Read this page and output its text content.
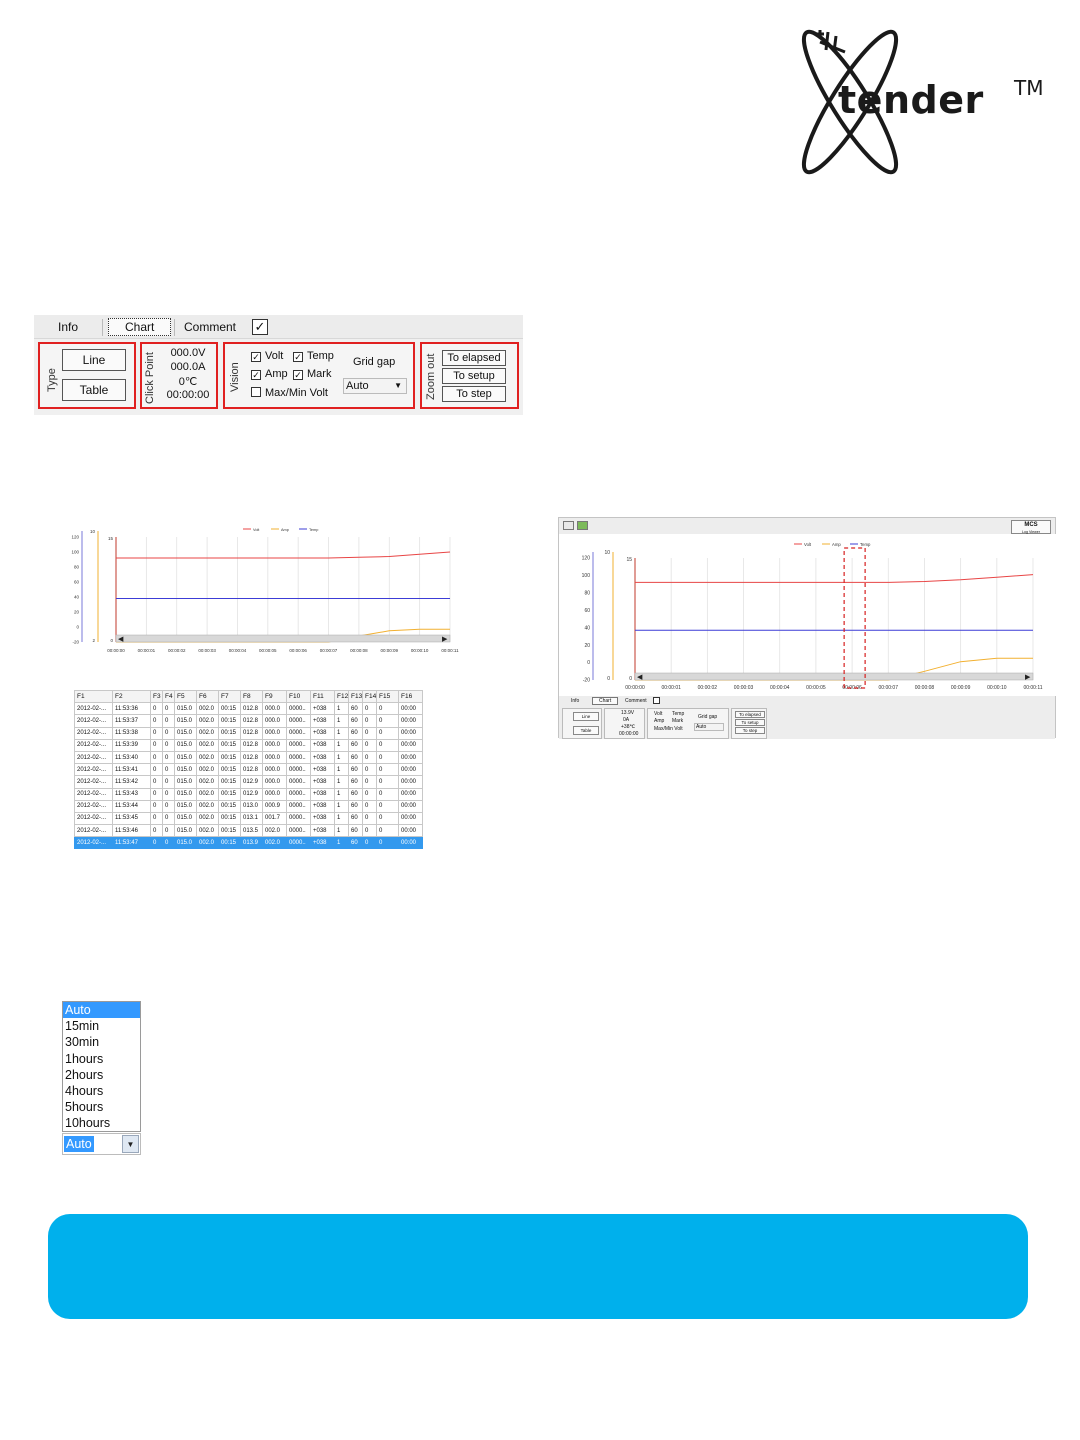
tender TM
Info	Chart	Comment ✓
Type
Line
Table	Click Point	000.0V
000.0A
0℃
00:00:00
Vision
✓ Volt ✓ Temp
✓ Amp ✓ Mark
Max/Min Volt
Grid gap
Auto	▼ Zoom out To elapsed
To setup
To step
00:00:00	00:00:01	00:00:02	00:00:03	00:00:04	00:00:05	00:00:06	00:00:07	00:00:08	00:00:09	00:00:10	00:00:11
120
100
80
60
40
20
0
-20
10
2
15
0
Volt	Amp	Temp
◀	▶
F1	F2	F3	F4	F5	F6	F7	F8	F9	F10	F11	F12	F13	F14	F15	F16
2012-02-...	11:53:36	0	0	015.0	002.0	00:15	012.8	000.0	0000..	+038	1	60	0	0	00:00
2012-02-...	11:53:37	0	0	015.0	002.0	00:15	012.8	000.0	0000..	+038	1	60	0	0	00:00
2012-02-...	11:53:38	0	0	015.0	002.0	00:15	012.8	000.0	0000..	+038	1	60	0	0	00:00
2012-02-...	11:53:39	0	0	015.0	002.0	00:15	012.8	000.0	0000..	+038	1	60	0	0	00:00
2012-02-...	11:53:40	0	0	015.0	002.0	00:15	012.8	000.0	0000..	+038	1	60	0	0	00:00
2012-02-...	11:53:41	0	0	015.0	002.0	00:15	012.8	000.0	0000..	+038	1	60	0	0	00:00
2012-02-...	11:53:42	0	0	015.0	002.0	00:15	012.9	000.0	0000..	+038	1	60	0	0	00:00
2012-02-...	11:53:43	0	0	015.0	002.0	00:15	012.9	000.0	0000..	+038	1	60	0	0	00:00
2012-02-...	11:53:44	0	0	015.0	002.0	00:15	013.0	000.9	0000..	+038	1	60	0	0	00:00
2012-02-...	11:53:45	0	0	015.0	002.0	00:15	013.1	001.7	0000..	+038	1	60	0	0	00:00
2012-02-...	11:53:46	0	0	015.0	002.0	00:15	013.5	002.0	0000..	+038	1	60	0	0	00:00
2012-02-...	11:53:47	0	0	015.0	002.0	00:15	013.9	002.0	0000..	+038	1	60	0	0	00:00
MCS
Log Viewer
00:00:00	00:00:01	00:00:02	00:00:03	00:00:04	00:00:05	00:00:06	00:00:07	00:00:08	00:00:09	00:00:10	00:00:11
120
100
80
60
40
20
0
-20
10
0
15
0
Volt	Amp	Temp
◀	▶
Info	Chart	Comment
Line
Table
13.9V
0A
+38℃
00:00:00
Volt Temp
Amp Mark
Max/Min Volt
Grid gap
Auto
To elapsed
To setup
To step
Auto
15min
30min
1hours
2hours
4hours
5hours
10hours
Auto	▼
